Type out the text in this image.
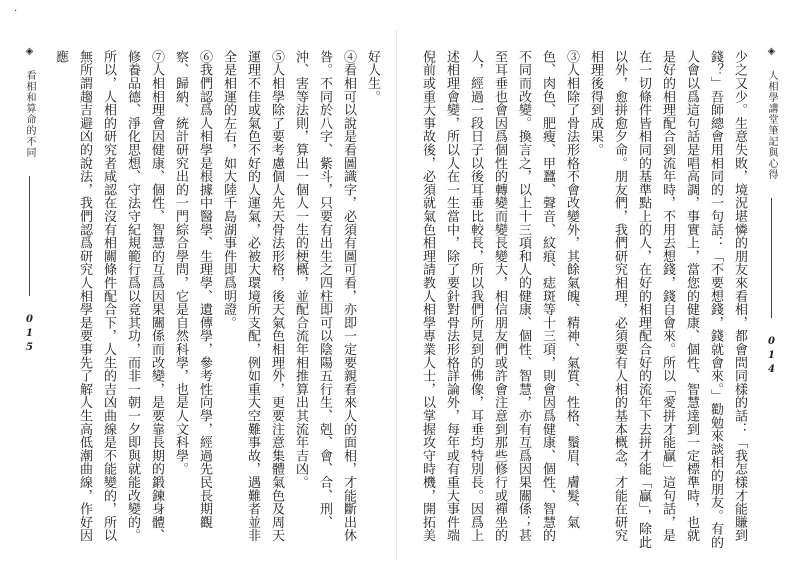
·
◈ 看相和算命的不同  015

好人生。

④看相可以說是看圖識字，必須有圖可看，亦即一定要親看來人的面相，才能斷出休咎。不同於八字、紫斗，只要有出生之四柱即可以陰陽五行生、剋、會、合、刑、沖、害等法則，算出一個人一生的梗概，並配合流年相推算出其流年吉凶。

⑤人相學除了要考慮個人先天骨法形格，後天氣色相理外，更要注意集體氣色及周天運理不佳或氣色不好的人運氣，必被大環境所支配，例如重大空難事故，遇難者並非全是相運的左右，如大陸千島湖事件即爲明證。

⑥我們認爲人相學是根據中醫學、生理學、遺傳學，參考性向學，經過先民長期觀察、歸納、統計研究出的一門綜合學問，它是自然科學，也是人文科學。

⑦人相相理會因健康、個性、智慧的互爲因果關係而改變，是要靠長期的鍛鍊身體、修養品德、淨化思想、守法守紀規範行爲以竟其功，而非一朝一夕即與就能改變的。所以，人相的研究者咸認在沒有相關條件配合下，人生的吉凶曲線是不能變的，所以無所謂趨吉避凶的說法，我們認爲研究人相學是要事先了解人生高低潮曲線，作好因應	◈ 人相學講堂筆記與心得  014

少之又少。生意失敗，境況堪憐的朋友來看相，都會問同樣的話：「我怎樣才能賺到錢？」吾師總會用相同的一句話：「不要想錢，錢就會來。」勸勉來談相的朋友。有的人會以爲這句話是唱高調，事實上，當您的健康、個性、智慧達到一定標準時，也就是好的相理配合到流年時，不用去想錢，錢自會來。所以「愛拼才能贏」這句話，是在一切條件皆相同的基準點上的人，在好的相理配合好的流年下去拼才能「贏」，除此以外，愈拼愈夕命。朋友們，我們研究相理，必須要有人相的基本概念，才能在研究相理後得到成果。

③人相除了骨法形格不會改變外，其餘氣魄、精神、氣質、性格、鬚眉、膚髮、氣色、肉色、肥瘦、甲蠶、聲音、紋痕、痣斑等十三項，則會因爲健康、個性、智慧的不同而改變。換言之，以上十三項和人的健康、個性、智慧，亦有互爲因果關係；甚至耳垂也會因爲個性的轉變而變長變大，相信朋友們或許會注意到那些修行或禪坐的人，經過一段日子以後耳垂比較長，所以我們所見到的佛像，耳垂均特別長。因爲上述相理會變，所以人在一生當中，除了要針對骨法形格詳論外，每年或有重大事件端倪前或重大事故後，必須就氣色相理請教人相學專業人士，以掌握攻守時機，開拓美
